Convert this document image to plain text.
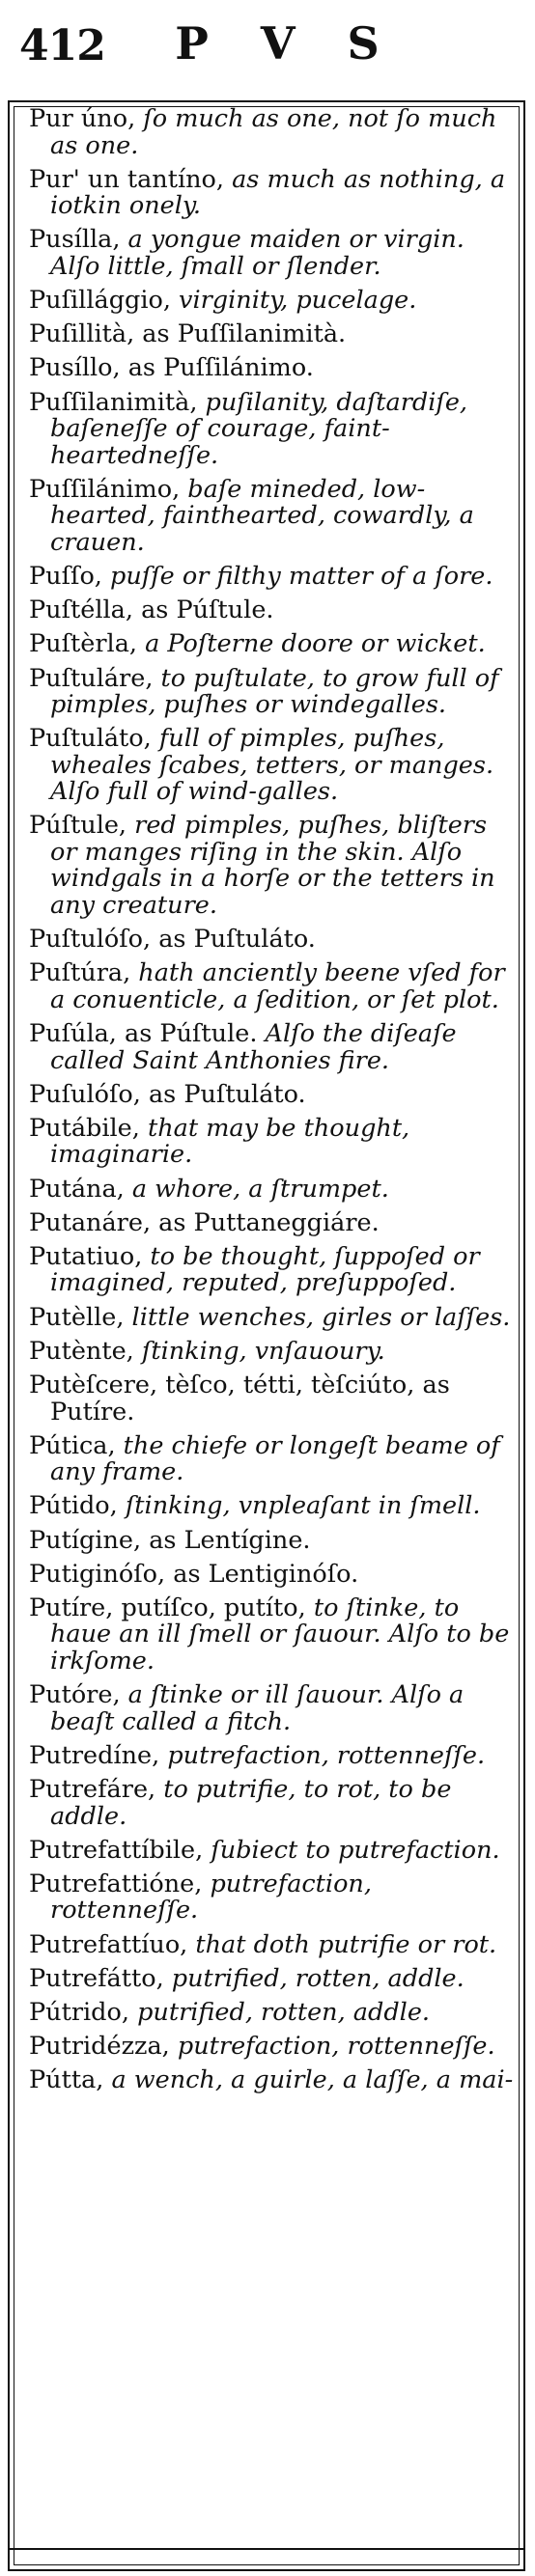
412	P V S
Pur úno, ſo much as one, not ſo much as one.
Pur' un tantíno, as much as nothing, a iotkin onely.
Pusílla, a yongue maiden or virgin. Alſo little, ſmall or ſlender.
Puſillággio, virginity, pucelage.
Puſillità, as Puſſilanimità.
Pusíllo, as Puſſilánimo.
Puſſilanimità, puſilanity, daſtardiſe, baſeneſſe of courage, faint-heartedneſſe.
Puſſilánimo, baſe mineded, low-hearted, fainthearted, cowardly, a crauen.
Puſſo, puſſe or filthy matter of a ſore.
Puſtélla, as Púſtule.
Puſtèrla, a Poſterne doore or wicket.
Puſtuláre, to puſtulate, to grow full of pimples, puſhes or windegalles.
Puſtuláto, full of pimples, puſhes, wheales ſcabes, tetters, or manges. Alſo full of wind-galles.
Púſtule, red pimples, puſhes, bliſters or manges riſing in the skin. Alſo windgals in a horſe or the tetters in any creature.
Puſtulóſo, as Puſtuláto.
Puſtúra, hath anciently beene vſed for a conuenticle, a ſedition, or ſet plot.
Puſúla, as Púſtule. Alſo the diſeaſe called Saint Anthonies fire.
Puſulóſo, as Puſtuláto.
Putábile, that may be thought, imaginarie.
Putána, a whore, a ſtrumpet.
Putanáre, as Puttaneggiáre.
Putatiuo, to be thought, ſuppoſed or imagined, reputed, preſuppoſed.
Putèlle, little wenches, girles or laſſes.
Putènte, ſtinking, vnſauoury.
Putèſcere, tèſco, tétti, tèſciúto, as Putíre.
Pútica, the chiefe or longeſt beame of any frame.
Pútido, ſtinking, vnpleaſant in ſmell.
Putígine, as Lentígine.
Putiginóſo, as Lentiginóſo.
Putíre, putíſco, putíto, to ſtinke, to haue an ill ſmell or ſauour. Alſo to be irkſome.
Putóre, a ſtinke or ill ſauour. Alſo a beaſt called a fitch.
Putredíne, putrefaction, rottenneſſe.
Putrefáre, to putrifie, to rot, to be addle.
Putrefattíbile, ſubiect to putrefaction.
Putrefattióne, putrefaction, rottenneſſe.
Putrefattíuo, that doth putrifie or rot.
Putrefátto, putrified, rotten, addle.
Pútrido, putrified, rotten, addle.
Putridézza, putrefaction, rottenneſſe.
Pútta, a wench, a guirle, a laſſe, a mai-
